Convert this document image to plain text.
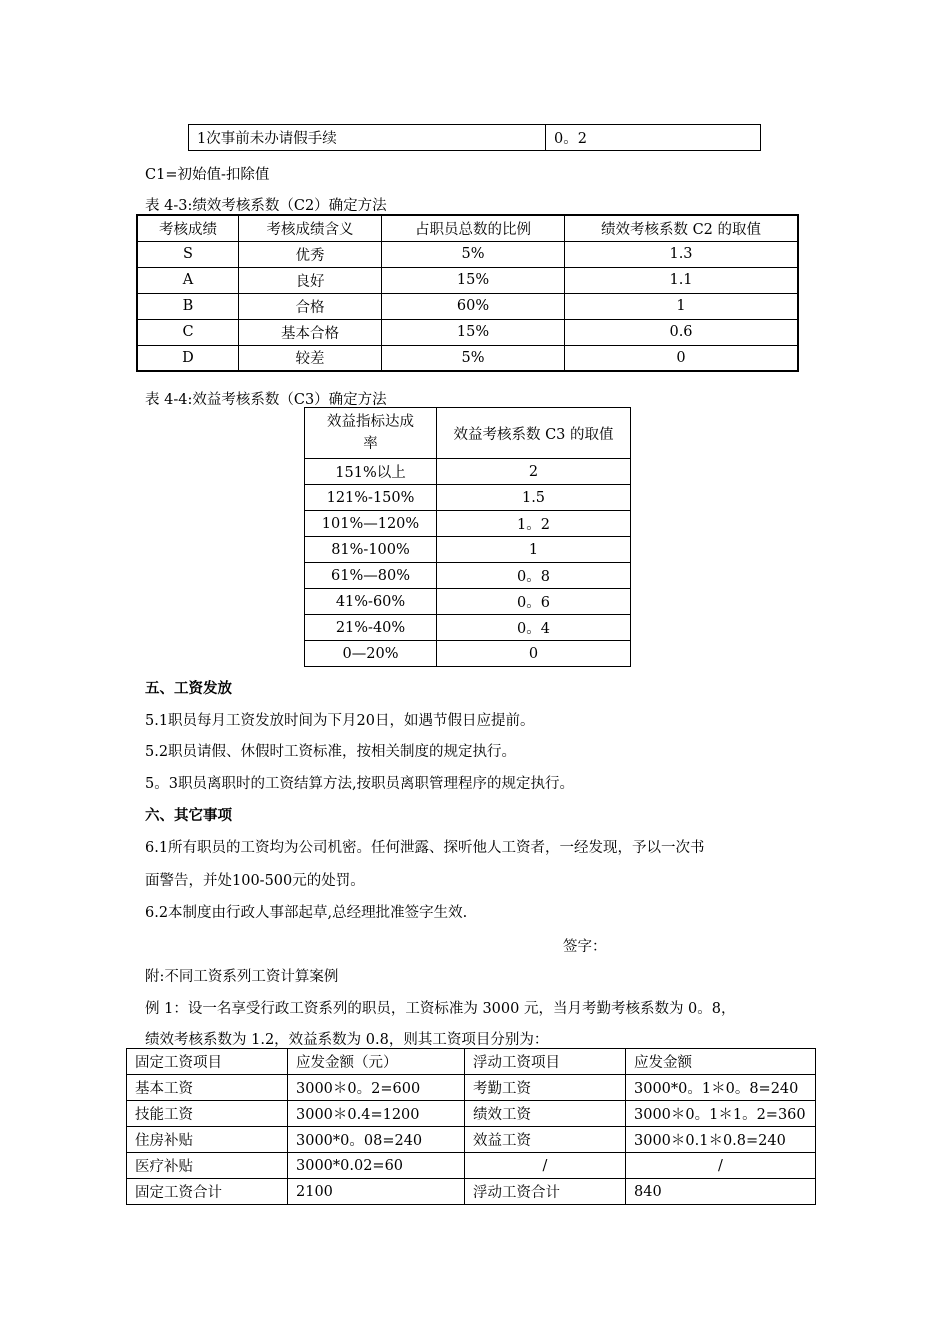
1次事前未办请假手续	0。2
C1=初始值-扣除值
表 4-3:绩效考核系数（C2）确定方法
考核成绩	考核成绩含义	占职员总数的比例	绩效考核系数 C2 的取值
S	优秀	5%	1.3
A	良好	15%	1.1
B	合格	60%	1
C	基本合格	15%	0.6
D	较差	5%	0
表 4-4:效益考核系数（C3）确定方法
效益指标达成
率	效益考核系数 C3 的取值
151%以上	2
121%-150%	1.5
101%—120%	1。2
81%-100%	1
61%—80%	0。8
41%-60%	0。6
21%-40%	0。4
0—20%	0
五、工资发放
5.1职员每月工资发放时间为下月20日，如遇节假日应提前。
5.2职员请假、休假时工资标准，按相关制度的规定执行。
5。3职员离职时的工资结算方法,按职员离职管理程序的规定执行。
六、其它事项
6.1所有职员的工资均为公司机密。任何泄露、探听他人工资者，一经发现，予以一次书
面警告，并处100-500元的处罚。
6.2本制度由行政人事部起草,总经理批准签字生效.
签字：
附:不同工资系列工资计算案例
例 1：设一名享受行政工资系列的职员，工资标准为 3000 元，当月考勤考核系数为 0。8，
绩效考核系数为 1.2，效益系数为 0.8，则其工资项目分别为：
固定工资项目	应发金额（元）	浮动工资项目	应发金额
基本工资	3000＊0。2=600	考勤工资	3000*0。1＊0。8=240
技能工资	3000＊0.4=1200	绩效工资	3000＊0。1＊1。2=360
住房补贴	3000*0。08=240	效益工资	3000＊0.1＊0.8=240
医疗补贴	3000*0.02=60	/	/
固定工资合计	2100	浮动工资合计	840
